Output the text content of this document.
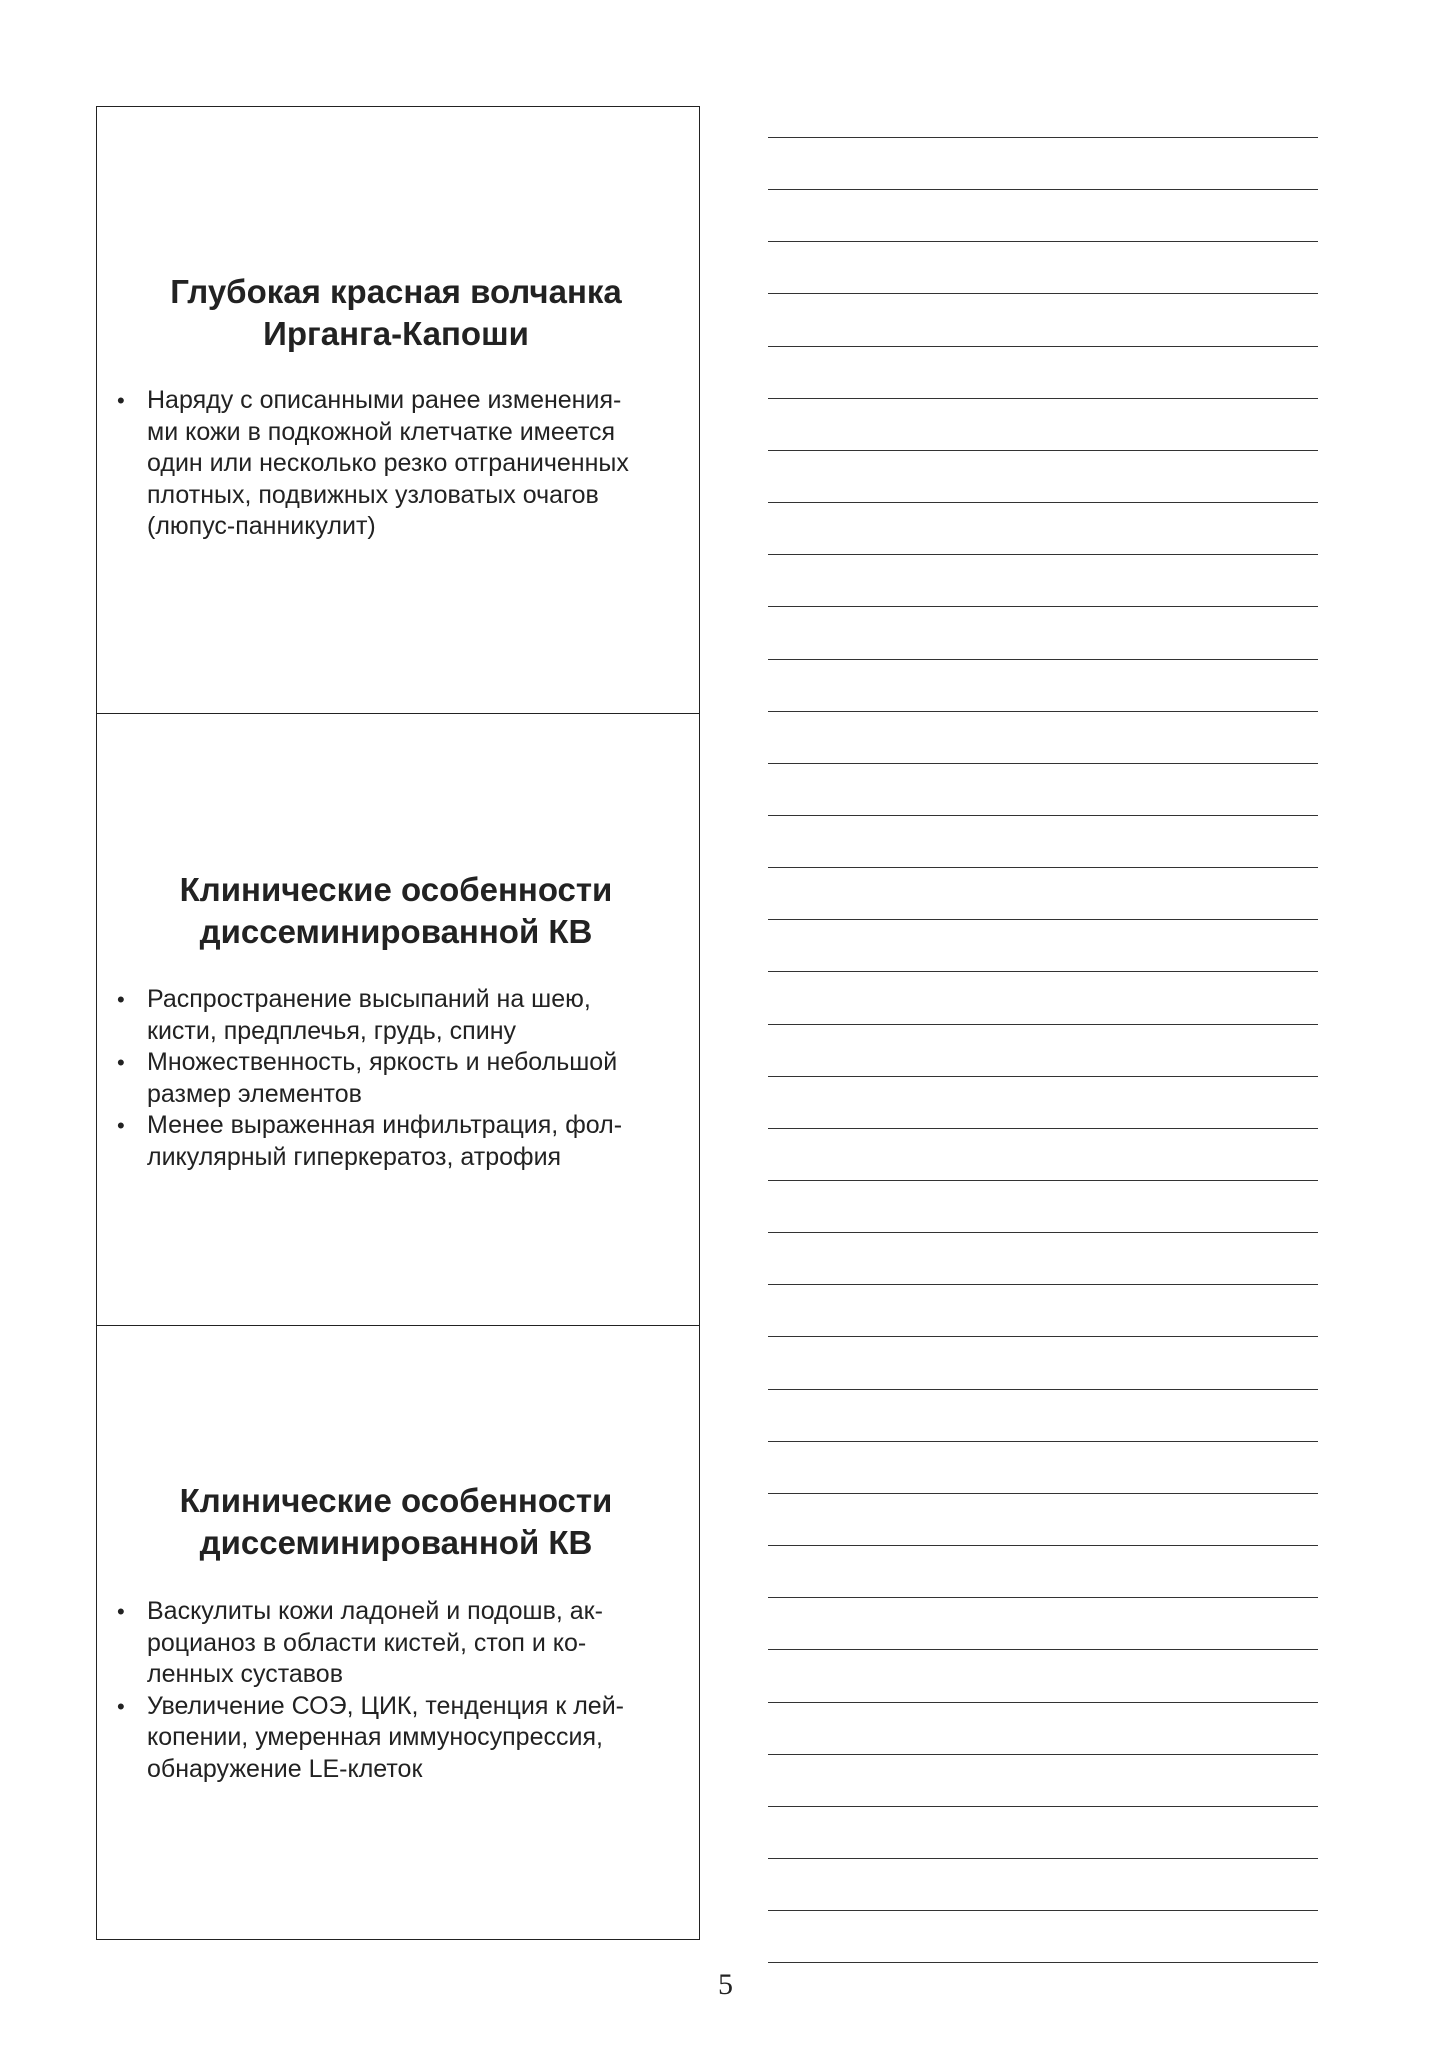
Глубокая красная волчанка
Ирганга-Капоши
• Наряду с описанными ранее изменения-
ми кожи в подкожной клетчатке имеется
один или несколько резко отграниченных
плотных, подвижных узловатых очагов
(люпус-панникулит)
Клинические особенности
диссеминированной КВ
• Распространение высыпаний на шею,
кисти, предплечья, грудь, спину
• Множественность, яркость и небольшой
размер элементов
• Менее выраженная инфильтрация, фол-
ликулярный гиперкератоз, атрофия
Клинические особенности
диссеминированной КВ
• Васкулиты кожи ладоней и подошв, ак-
роцианоз в области кистей, стоп и ко-
ленных суставов
• Увеличение СОЭ, ЦИК, тенденция к лей-
копении, умеренная иммуносупрессия,
обнаружение LE-клеток
5
